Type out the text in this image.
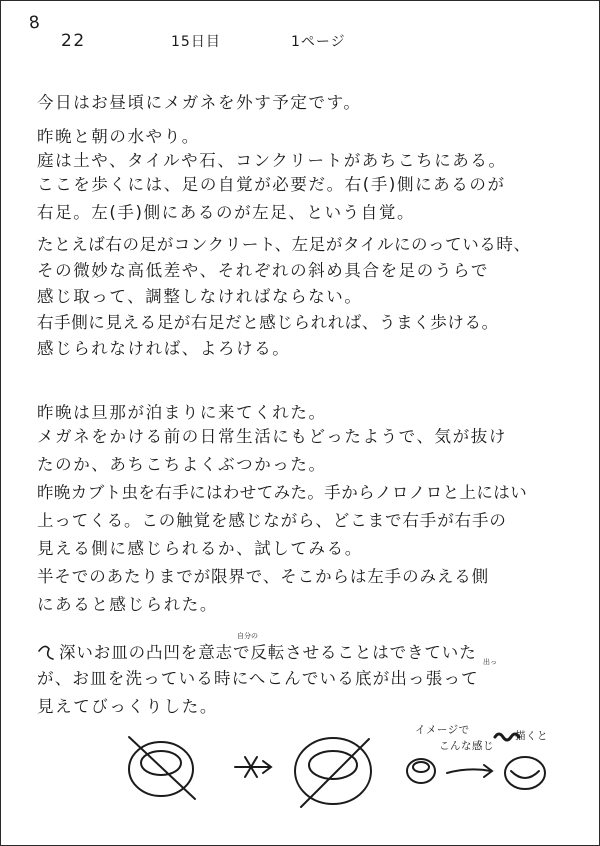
8
22	15日目	1ページ
今日はお昼頃にメガネを外す予定です。
昨晩と朝の水やり。
庭は土や、タイルや石、コンクリートがあちこちにある。
ここを歩くには、足の自覚が必要だ。右(手)側にあるのが
右足。左(手)側にあるのが左足、という自覚。
たとえば右の足がコンクリート、左足がタイルにのっている時、
その微妙な高低差や、それぞれの斜め具合を足のうらで
感じ取って、調整しなければならない。
右手側に見える足が右足だと感じられれば、うまく歩ける。
感じられなければ、よろける。
昨晩は旦那が泊まりに来てくれた。
メガネをかける前の日常生活にもどったようで、気が抜け
たのか、あちこちよくぶつかった。
昨晩カブト虫を右手にはわせてみた。手からノロノロと上にはい
上ってくる。この触覚を感じながら、どこまで右手が右手の
見える側に感じられるか、試してみる。
半そでのあたりまでが限界で、そこからは左手のみえる側
にあると感じられた。
自分の
深いお皿の凸凹を意志で反転させることはできていた 出っ
が、お皿を洗っている時にへこんでいる底が出っ張って
見えてびっくりした。
イメージで	描くと
こんな感じ
